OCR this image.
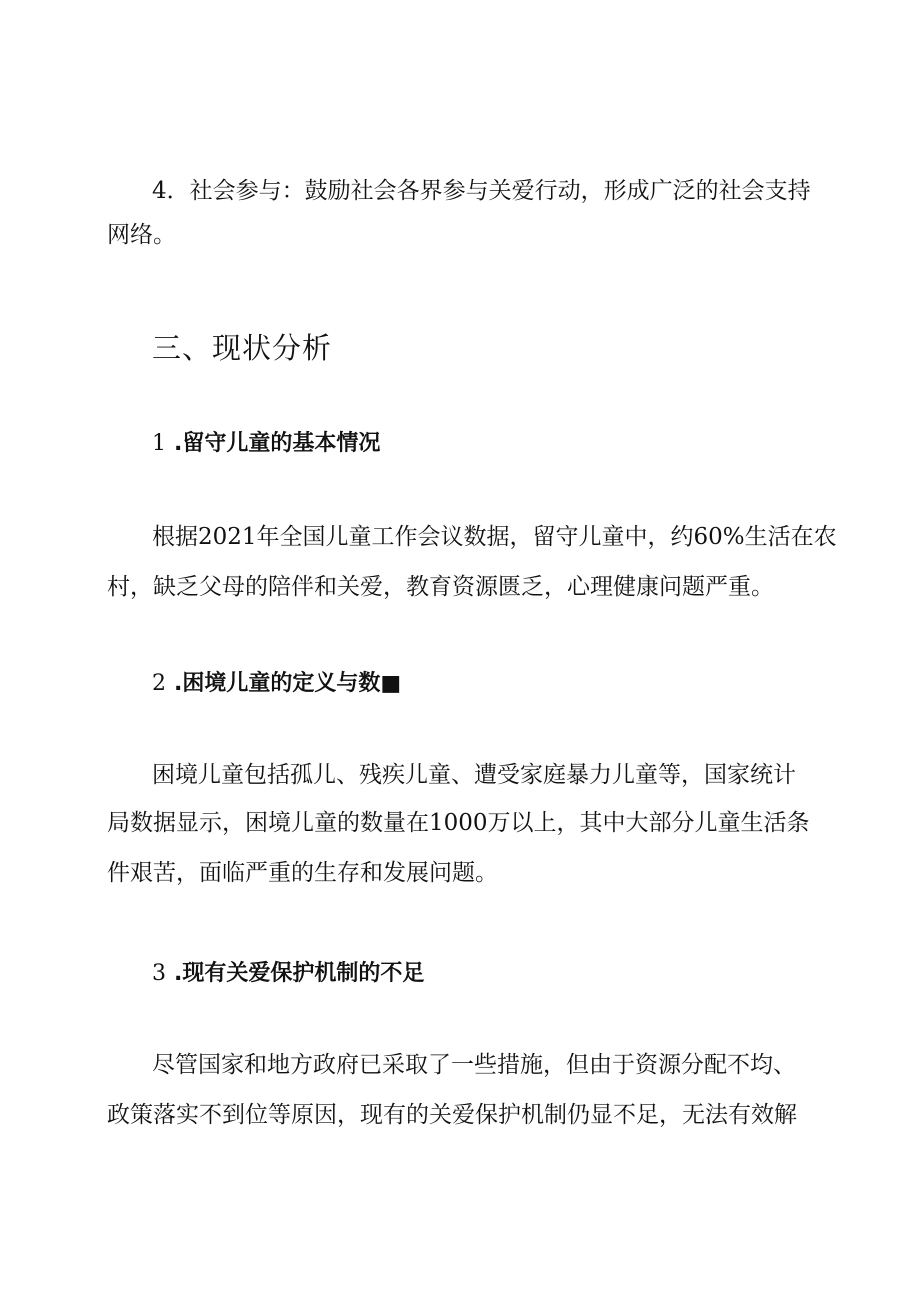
4．社会参与：鼓励社会各界参与关爱行动，形成广泛的社会支持

网络。

三、现状分析
1 .留守儿童的基本情况

根据2021年全国儿童工作会议数据，留守儿童中，约60%生活在农

村，缺乏父母的陪伴和关爱，教育资源匮乏，心理健康问题严重。

2 .困境儿童的定义与数■

困境儿童包括孤儿、残疾儿童、遭受家庭暴力儿童等，国家统计

局数据显示，困境儿童的数量在1000万以上，其中大部分儿童生活条
件艰苦，面临严重的生存和发展问题。

3 .现有关爱保护机制的不足

尽管国家和地方政府已采取了一些措施，但由于资源分配不均、

政策落实不到位等原因，现有的关爱保护机制仍显不足，无法有效解
